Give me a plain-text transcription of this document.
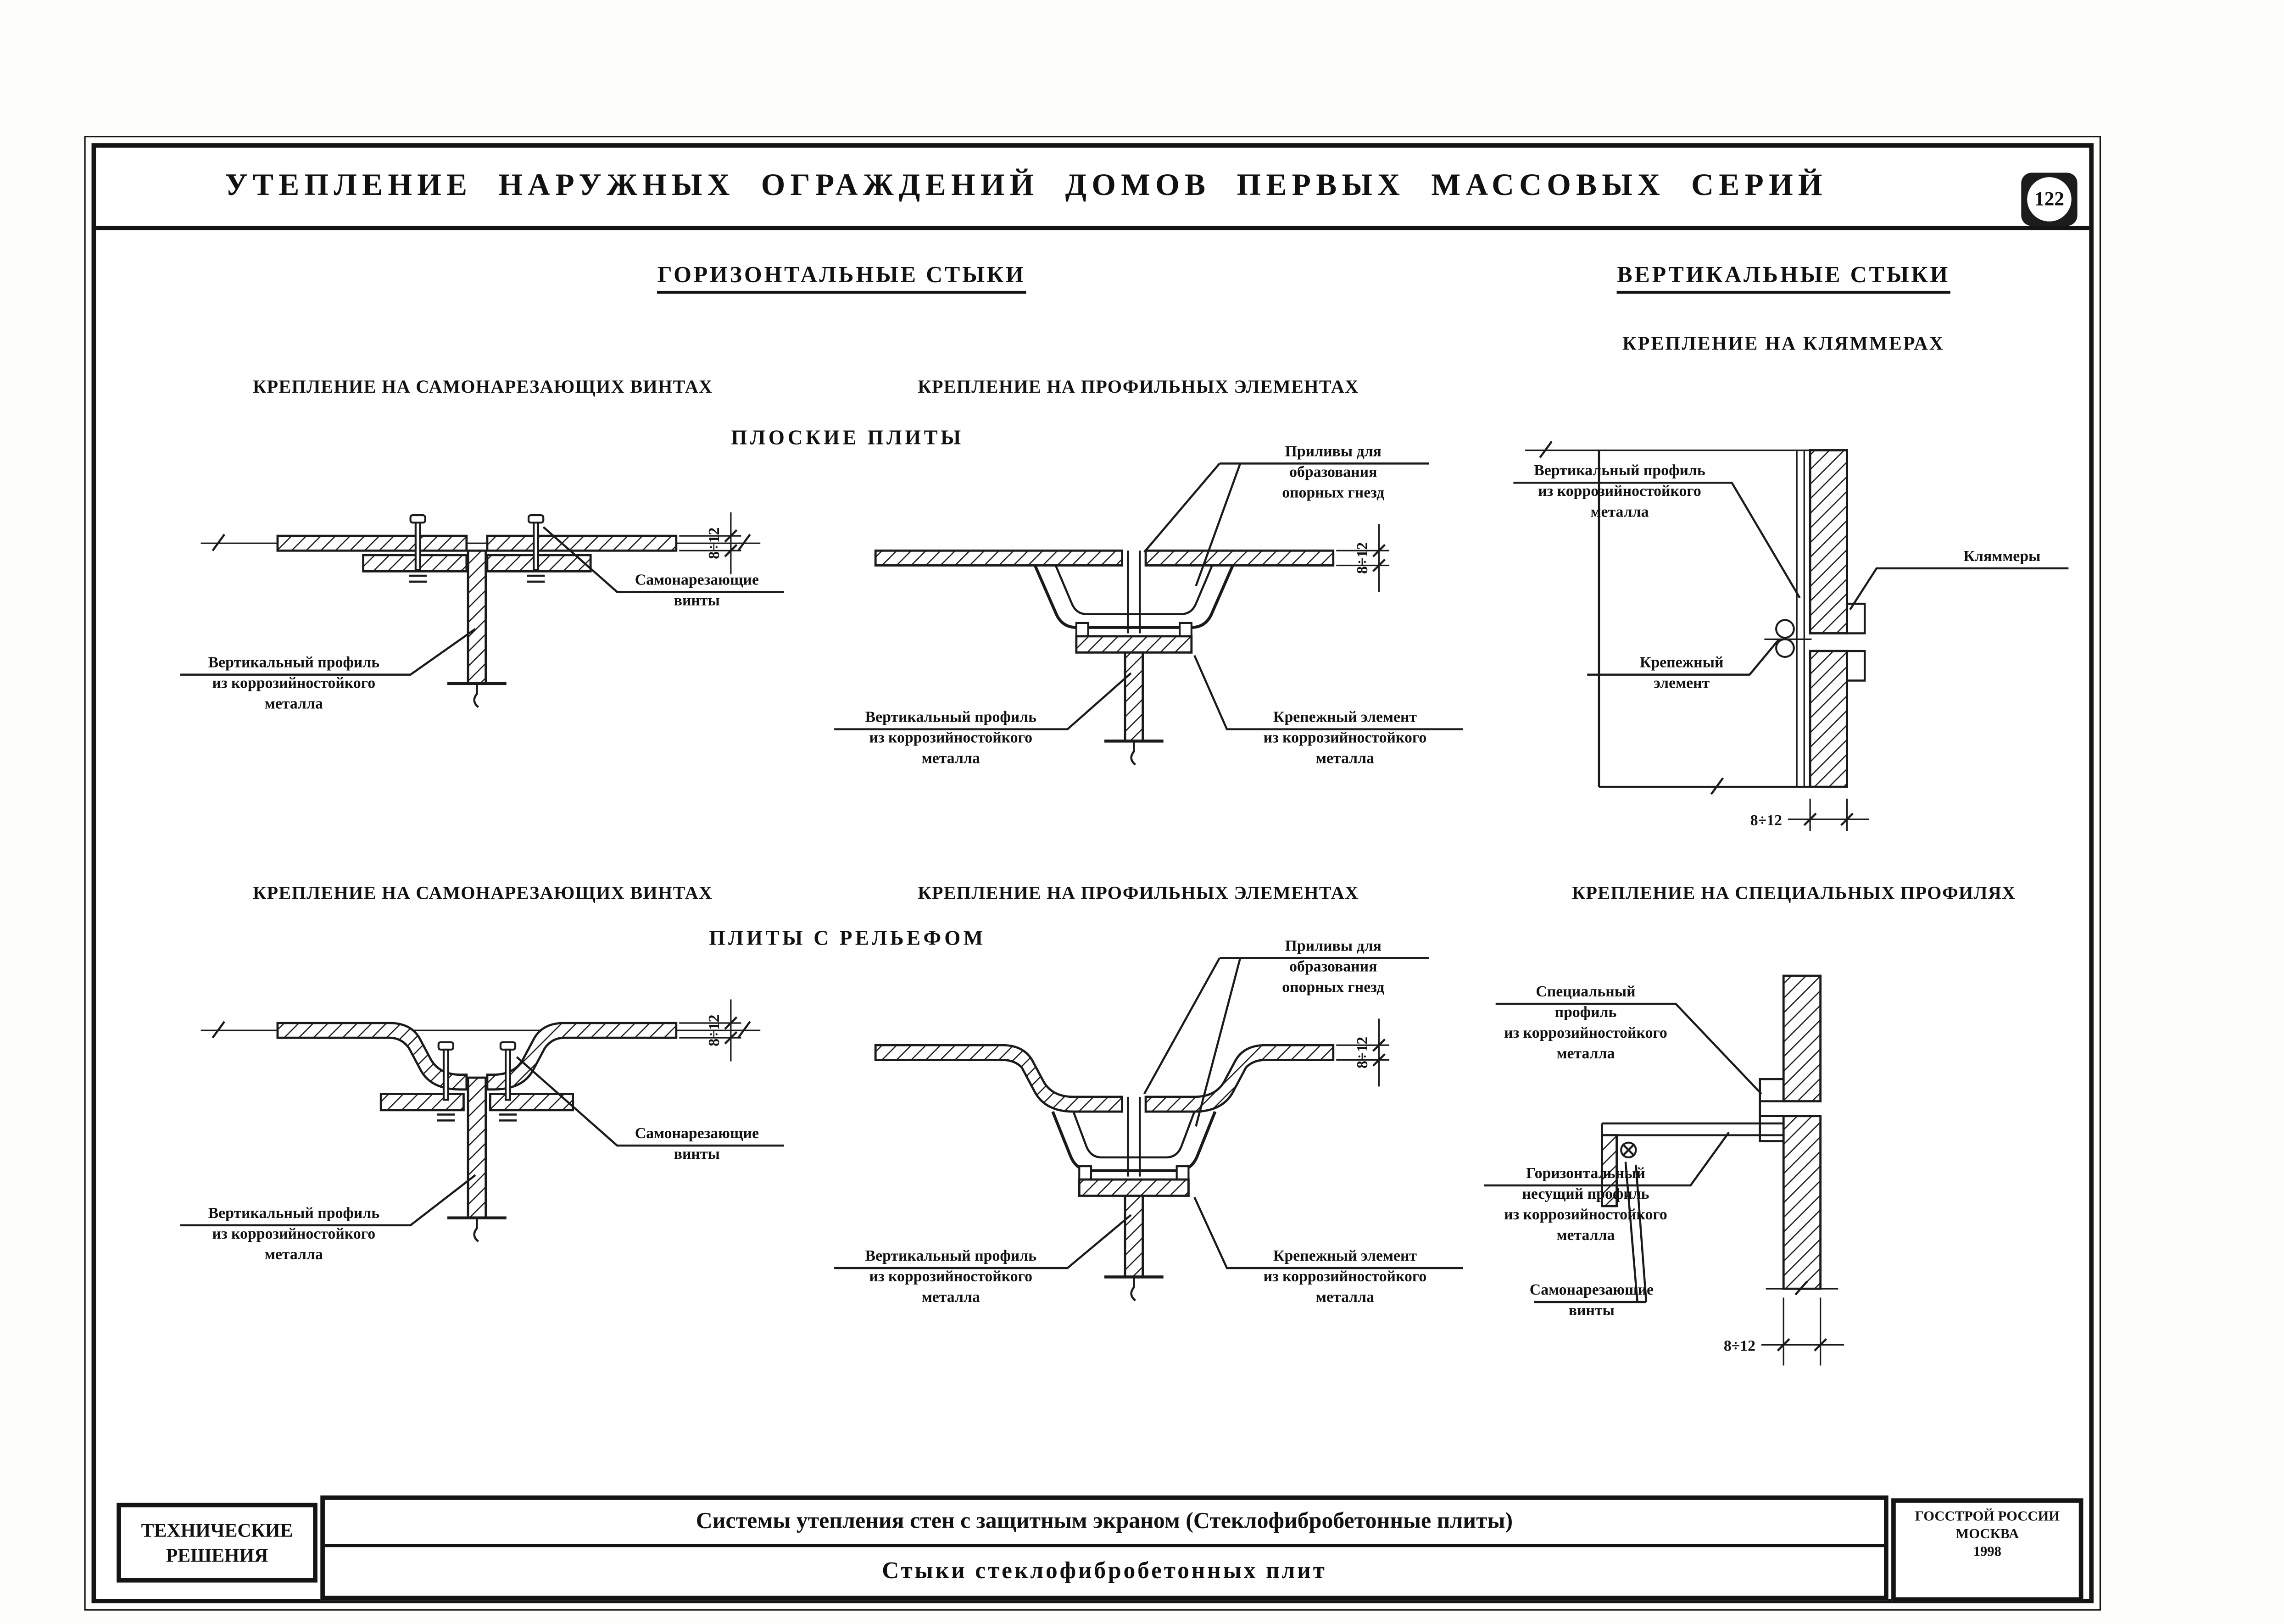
УТЕПЛЕНИЕ НАРУЖНЫХ ОГРАЖДЕНИЙ ДОМОВ ПЕРВЫХ МАССОВЫХ СЕРИЙ	122
ГОРИЗОНТАЛЬНЫЕ СТЫКИ	ВЕРТИКАЛЬНЫЕ СТЫКИ
КРЕПЛЕНИЕ НА КЛЯММЕРАХ
КРЕПЛЕНИЕ НА САМОНАРЕЗАЮЩИХ ВИНТАХ	КРЕПЛЕНИЕ НА ПРОФИЛЬНЫХ ЭЛЕМЕНТАХ
ПЛОСКИЕ ПЛИТЫ
КРЕПЛЕНИЕ НА САМОНАРЕЗАЮЩИХ ВИНТАХ	КРЕПЛЕНИЕ НА ПРОФИЛЬНЫХ ЭЛЕМЕНТАХ	КРЕПЛЕНИЕ НА СПЕЦИАЛЬНЫХ ПРОФИЛЯХ
ПЛИТЫ С РЕЛЬЕФОМ
8÷12
Самонарезающие
винты
Вертикальный профиль
из коррозийностойкого
металла
8÷12
Приливы для
образования
опорных гнезд
Вертикальный профиль
из коррозийностойкого
металла
Крепежный элемент
из коррозийностойкого
металла
8÷12
Вертикальный профиль
из коррозийностойкого
металла
Кляммеры
Крепежный
элемент
8÷12
Самонарезающие
винты
Вертикальный профиль
из коррозийностойкого
металла
8÷12
Приливы для
образования
опорных гнезд
Вертикальный профиль
из коррозийностойкого
металла
Крепежный элемент
из коррозийностойкого
металла
8÷12
Специальный
профиль
из коррозийностойкого
металла
Горизонтальный
несущий профиль
из коррозийностойкого
металла
Самонарезающие
винты
ТЕХНИЧЕСКИЕ
РЕШЕНИЯ
Системы утепления стен с защитным экраном (Стеклофибробетонные плиты)
Стыки стеклофибробетонных плит
ГОССТРОЙ РОССИИ
МОСКВА
1998
